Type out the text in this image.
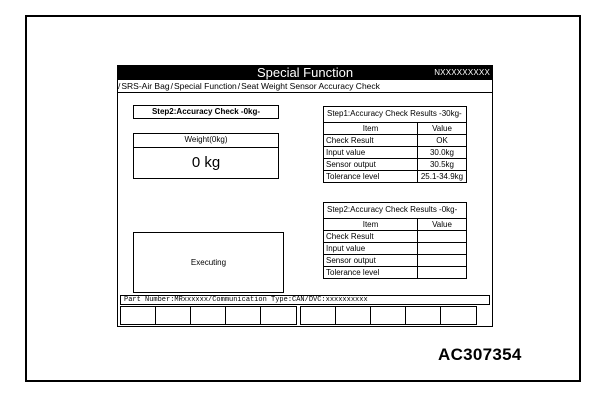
Special Function	NXXXXXXXXX
/SRS-Air Bag/Special Function/Seat Weight Sensor Accuracy Check
Step2:Accuracy Check -0kg-
Weight(0kg)
0 kg
Executing
Step1:Accuracy Check Results -30kg-
Item	Value
Check Result	OK
Input value	30.0kg
Sensor output	30.5kg
Tolerance level	25.1-34.9kg
Step2:Accuracy Check Results -0kg-
Item	Value
Check Result
Input value
Sensor output
Tolerance level
Part Number:MRxxxxxx/Communication Type:CAN/DVC:xxxxxxxxxx
AC307354
